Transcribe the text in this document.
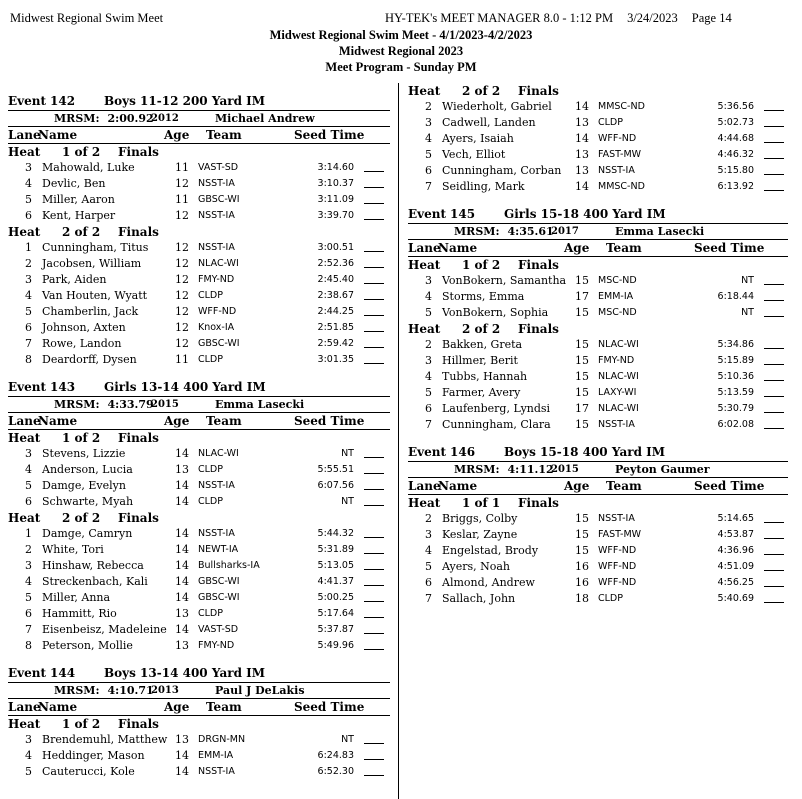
Midwest Regional Swim Meet	HY-TEK's MEET MANAGER 8.0 - 1:12 PM 3/24/2023 Page 14
Midwest Regional Swim Meet - 4/1/2023-4/2/2023
Midwest Regional 2023
Meet Program - Sunday PM
Event 142 Boys 11-12 200 Yard IM
MRSM: 2:00.92
2012	Michael Andrew
Lane
Name	Age Team	Seed Time
Heat 1 of 2 Finals
3 Mahowald, Luke	11 VAST-SD	3:14.60
4 Devlic, Ben	12 NSST-IA	3:10.37
5 Miller, Aaron	11 GBSC-WI	3:11.09
6 Kent, Harper	12 NSST-IA	3:39.70
Heat 2 of 2 Finals
1 Cunningham, Titus 12 NSST-IA	3:00.51
2 Jacobsen, William	12 NLAC-WI	2:52.36
3 Park, Aiden	12 FMY-ND	2:45.40
4 Van Houten, Wyatt	12 CLDP	2:38.67
5 Chamberlin, Jack	12 WFF-ND	2:44.25
6 Johnson, Axten	12 Knox-IA	2:51.85
7 Rowe, Landon	12 GBSC-WI	2:59.42
8 Deardorff, Dysen	11 CLDP	3:01.35
Event 143 Girls 13-14 400 Yard IM
MRSM: 4:33.79
2015	Emma Lasecki
Lane
Name	Age Team	Seed Time
Heat 1 of 2 Finals
3 Stevens, Lizzie	14 NLAC-WI	NT
4 Anderson, Lucia	13 CLDP	5:55.51
5 Damge, Evelyn	14 NSST-IA	6:07.56
6 Schwarte, Myah	14 CLDP	NT
Heat 2 of 2 Finals
1 Damge, Camryn	14 NSST-IA	5:44.32
2 White, Tori	14 NEWT-IA	5:31.89
3 Hinshaw, Rebecca	14 Bullsharks-IA	5:13.05
4 Streckenbach, Kali 14 GBSC-WI	4:41.37
5 Miller, Anna	14 GBSC-WI	5:00.25
6 Hammitt, Rio	13 CLDP	5:17.64
7 Eisenbeisz, Madeleine 14 VAST-SD	5:37.87
8 Peterson, Mollie	13 FMY-ND	5:49.96
Event 144 Boys 13-14 400 Yard IM
MRSM: 4:10.71
2013	Paul J DeLakis
Lane
Name	Age Team	Seed Time
Heat 1 of 2 Finals
3 Brendemuhl, Matthew 13 DRGN-MN	NT
4 Heddinger, Mason	14 EMM-IA	6:24.83
5 Cauterucci, Kole	14 NSST-IA	6:52.30
Heat 2 of 2 Finals
2 Wiederholt, Gabriel 14 MMSC-ND	5:36.56
3 Cadwell, Landen	13 CLDP	5:02.73
4 Ayers, Isaiah	14 WFF-ND	4:44.68
5 Vech, Elliot	13 FAST-MW	4:46.32
6 Cunningham, Corban 13 NSST-IA	5:15.80
7 Seidling, Mark	14 MMSC-ND	6:13.92
Event 145 Girls 15-18 400 Yard IM
MRSM: 4:35.61
2017	Emma Lasecki
Lane
Name	Age Team	Seed Time
Heat 1 of 2 Finals
3 VonBokern, Samantha 15 MSC-ND	NT
4 Storms, Emma	17 EMM-IA	6:18.44
5 VonBokern, Sophia 15 MSC-ND	NT
Heat 2 of 2 Finals
2 Bakken, Greta	15 NLAC-WI	5:34.86
3 Hillmer, Berit	15 FMY-ND	5:15.89
4 Tubbs, Hannah	15 NLAC-WI	5:10.36
5 Farmer, Avery	15 LAXY-WI	5:13.59
6 Laufenberg, Lyndsi 17 NLAC-WI	5:30.79
7 Cunningham, Clara 15 NSST-IA	6:02.08
Event 146 Boys 15-18 400 Yard IM
MRSM: 4:11.12
2015	Peyton Gaumer
Lane
Name	Age Team	Seed Time
Heat 1 of 1 Finals
2 Briggs, Colby	15 NSST-IA	5:14.65
3 Keslar, Zayne	15 FAST-MW	4:53.87
4 Engelstad, Brody	15 WFF-ND	4:36.96
5 Ayers, Noah	16 WFF-ND	4:51.09
6 Almond, Andrew	16 WFF-ND	4:56.25
7 Sallach, John	18 CLDP	5:40.69
